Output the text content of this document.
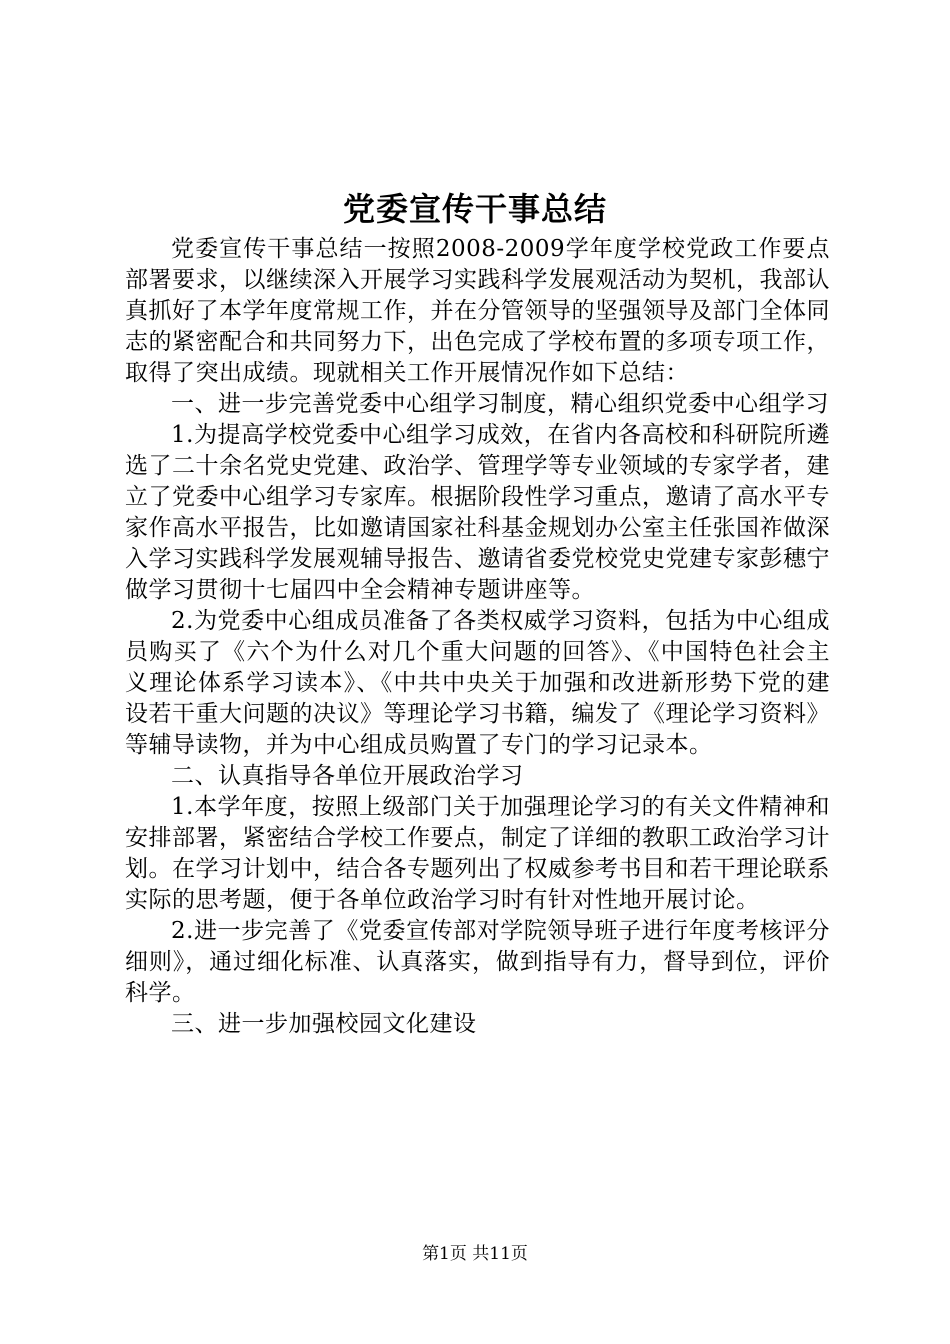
党委宣传干事总结

党委宣传干事总结一按照2008-2009学年度学校党政工作要点部署要求，以继续深入开展学习实践科学发展观活动为契机，我部认真抓好了本学年度常规工作，并在分管领导的坚强领导及部门全体同志的紧密配合和共同努力下，出色完成了学校布置的多项专项工作，取得了突出成绩。现就相关工作开展情况作如下总结：

一、进一步完善党委中心组学习制度，精心组织党委中心组学习

1.为提高学校党委中心组学习成效，在省内各高校和科研院所遴选了二十余名党史党建、政治学、管理学等专业领域的专家学者，建立了党委中心组学习专家库。根据阶段性学习重点，邀请了高水平专家作高水平报告，比如邀请国家社科基金规划办公室主任张国祚做深入学习实践科学发展观辅导报告、邀请省委党校党史党建专家彭穗宁做学习贯彻十七届四中全会精神专题讲座等。

2.为党委中心组成员准备了各类权威学习资料，包括为中心组成员购买了《六个为什么对几个重大问题的回答》、《中国特色社会主义理论体系学习读本》、《中共中央关于加强和改进新形势下党的建设若干重大问题的决议》等理论学习书籍，编发了《理论学习资料》等辅导读物，并为中心组成员购置了专门的学习记录本。

二、认真指导各单位开展政治学习

1.本学年度，按照上级部门关于加强理论学习的有关文件精神和安排部署，紧密结合学校工作要点，制定了详细的教职工政治学习计划。在学习计划中，结合各专题列出了权威参考书目和若干理论联系实际的思考题，便于各单位政治学习时有针对性地开展讨论。

2.进一步完善了《党委宣传部对学院领导班子进行年度考核评分细则》，通过细化标准、认真落实，做到指导有力，督导到位，评价科学。

三、进一步加强校园文化建设

第1页 共11页
